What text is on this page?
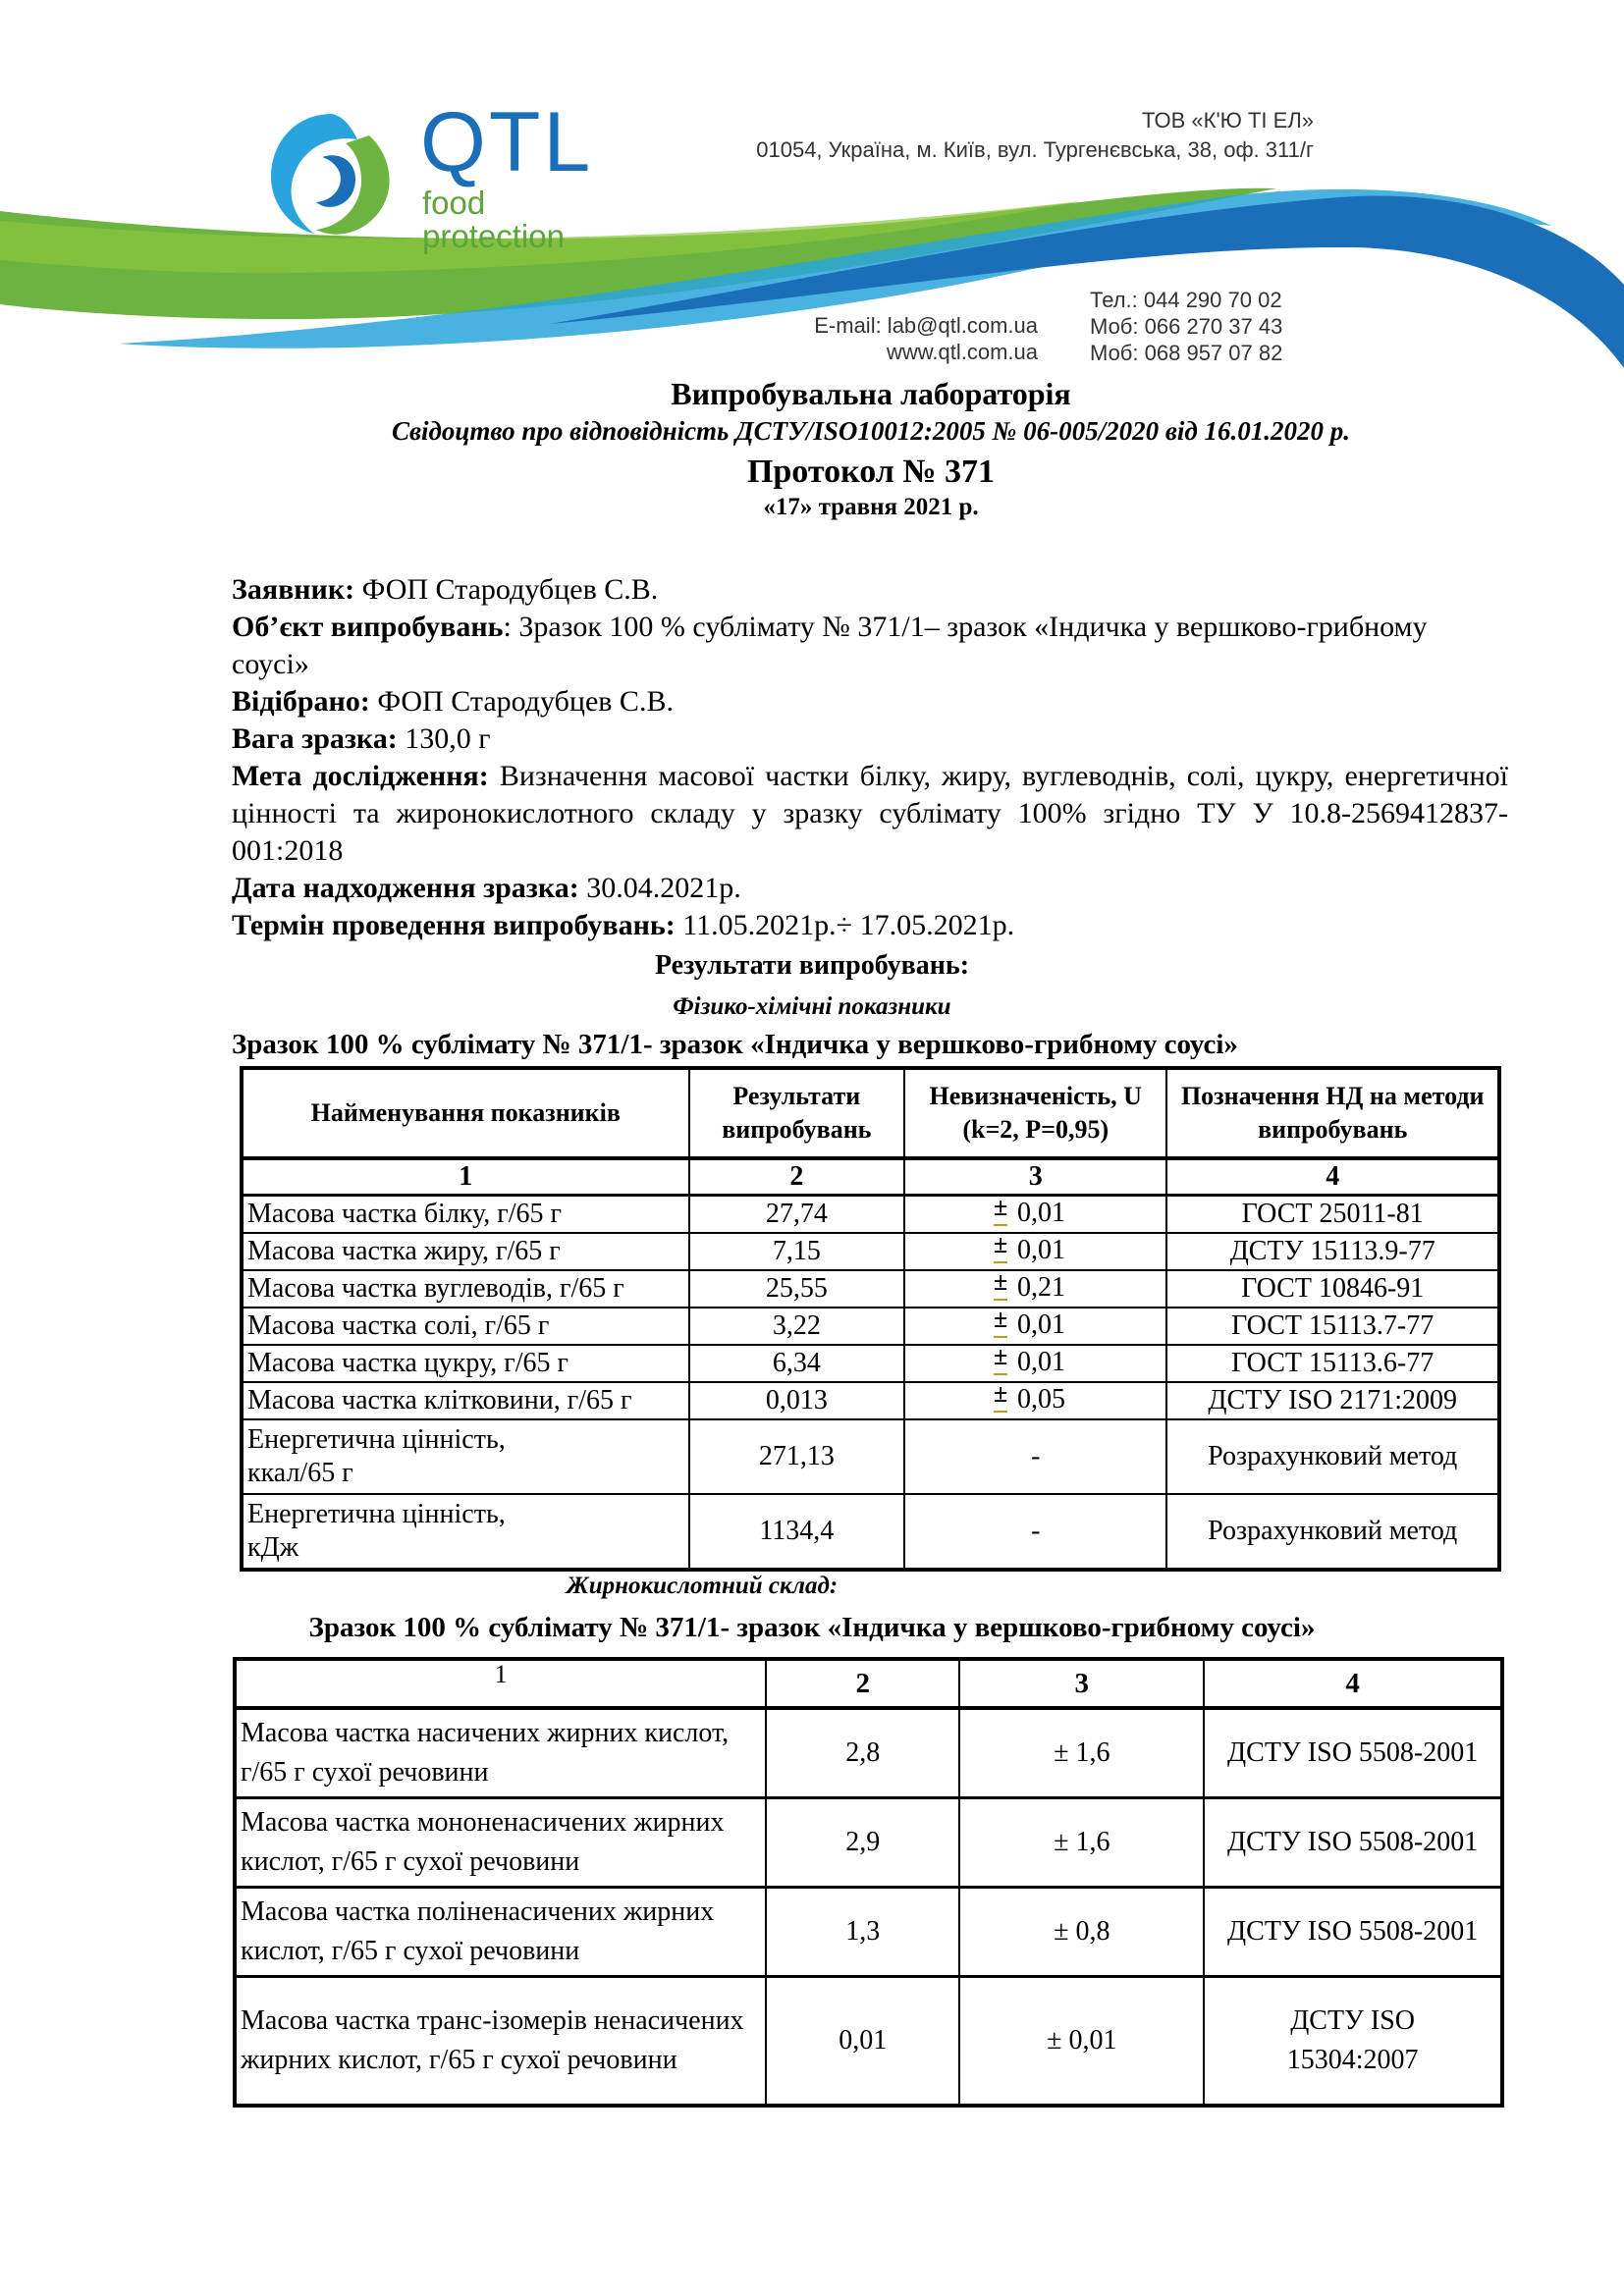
QTL
food
protection
ТОВ «К'Ю ТІ ЕЛ»
01054, Україна, м. Київ, вул. Тургенєвська, 38, оф. 311/г
E-mail: lab@qtl.com.ua
www.qtl.com.ua
Тел.: 044 290 70 02
Моб: 066 270 37 43
Моб: 068 957 07 82
Випробувальна лабораторія
Свідоцтво про відповідність ДСТУ/ISO10012:2005 № 06-005/2020 від 16.01.2020 р.
Протокол № 371
«17» травня 2021 р.

Заявник: ФОП Стародубцев С.В.

Об’єкт випробувань: Зразок 100 % сублімату № 371/1– зразок «Індичка у вершково-грибному соусі»

Відібрано: ФОП Стародубцев С.В.

Вага зразка: 130,0 г

Мета дослідження: Визначення масової частки білку, жиру, вуглеводнів, солі, цукру, енергетичної цінності та жиронокислотного складу у зразку сублімату 100% згідно ТУ У 10.8-2569412837-001:2018

Дата надходження зразка: 30.04.2021р.

Термін проведення випробувань: 11.05.2021р.÷ 17.05.2021р.

Результати випробувань:
Фізико-хімічні показники
Зразок 100 % сублімату № 371/1- зразок «Індичка у вершково-грибному соусі»
Найменування показників	Результати випробувань	Невизначеність, U (k=2, P=0,95)	Позначення НД на методи випробувань
1	2	3	4
Масова частка білку, г/65 г	27,74	± 0,01	ГОСТ 25011-81
Масова частка жиру, г/65 г	7,15	± 0,01	ДСТУ 15113.9-77
Масова частка вуглеводів, г/65 г	25,55	± 0,21	ГОСТ 10846-91
Масова частка солі, г/65 г	3,22	± 0,01	ГОСТ 15113.7-77
Масова частка цукру, г/65 г	6,34	± 0,01	ГОСТ 15113.6-77
Масова частка клітковини, г/65 г	0,013	± 0,05	ДСТУ ISO 2171:2009

Енергетична цінність, ккал/65 г	271,13	-	Розрахунковий метод

Енергетична цінність, кДж	1134,4	-	Розрахунковий метод
Жирнокислотний склад:
Зразок 100 % сублімату № 371/1- зразок «Індичка у вершково-грибному соусі»
1	2	3	4
Масова частка насичених жирних кислот, г/65 г сухої речовини	2,8	± 1,6	ДСТУ ISO 5508-2001
Масова частка мононенасичених жирних кислот, г/65 г сухої речовини	2,9	± 1,6	ДСТУ ISO 5508-2001
Масова частка поліненасичених жирних кислот, г/65 г сухої речовини	1,3	± 0,8	ДСТУ ISO 5508-2001
Масова частка транс-ізомерів ненасичених жирних кислот, г/65 г сухої речовини	0,01	± 0,01	ДСТУ ISO 15304:2007
